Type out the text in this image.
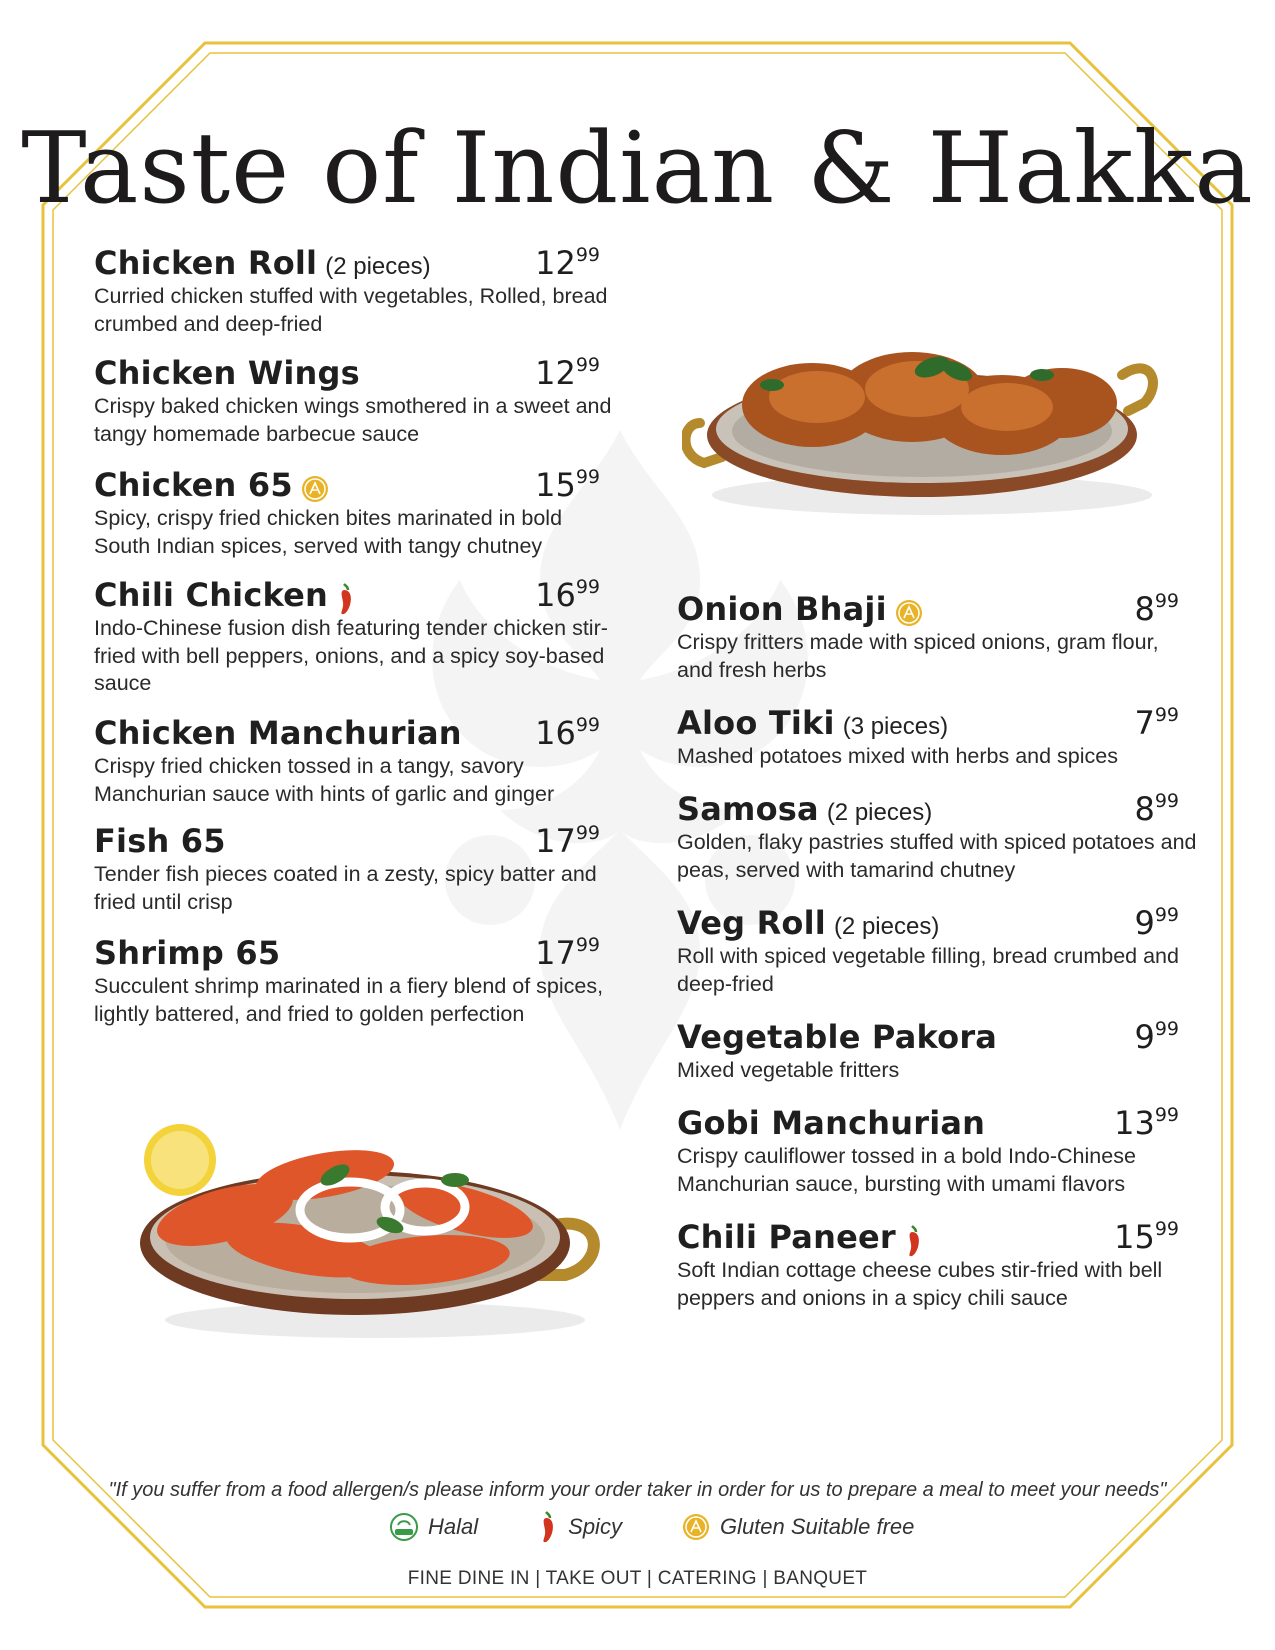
Taste of Indian & Hakka
Chicken Roll (2 pieces)	$12^{99}$
Curried chicken stuffed with vegetables, Rolled, bread crumbed and deep-fried
Chicken Wings	$12^{99}$
Crispy baked chicken wings smothered in a sweet and tangy homemade barbecue sauce
Chicken 65	$15^{99}$
Spicy, crispy fried chicken bites marinated in bold South Indian spices, served with tangy chutney
Chili Chicken	$16^{99}$
Indo-Chinese fusion dish featuring tender chicken stir-fried with bell peppers, onions, and a spicy soy-based sauce
Chicken Manchurian $16^{99}$
Crispy fried chicken tossed in a tangy, savory Manchurian sauce with hints of garlic and ginger
Fish 65	$17^{99}$
Tender fish pieces coated in a zesty, spicy batter and fried until crisp
Shrimp 65	$17^{99}$
Succulent shrimp marinated in a fiery blend of spices, lightly battered, and fried to golden perfection
Onion Bhaji	$8^{99}$
Crispy fritters made with spiced onions, gram flour, and fresh herbs
Aloo Tiki (3 pieces)	$7^{99}$
Mashed potatoes mixed with herbs and spices
Samosa (2 pieces)	$8^{99}$
Golden, flaky pastries stuffed with spiced potatoes and peas, served with tamarind chutney
Veg Roll (2 pieces)	$9^{99}$
Roll with spiced vegetable filling, bread crumbed and deep-fried
Vegetable Pakora	$9^{99}$
Mixed vegetable fritters
Gobi Manchurian	$13^{99}$
Crispy cauliflower tossed in a bold Indo-Chinese Manchurian sauce, bursting with umami flavors
Chili Paneer	$15^{99}$
Soft Indian cottage cheese cubes stir-fried with bell peppers and onions in a spicy chili sauce
"If you suffer from a food allergen/s please inform your order taker in order for us to prepare a meal to meet your needs"
Halal	Spicy	Gluten Suitable free
FINE DINE IN | TAKE OUT | CATERING | BANQUET
